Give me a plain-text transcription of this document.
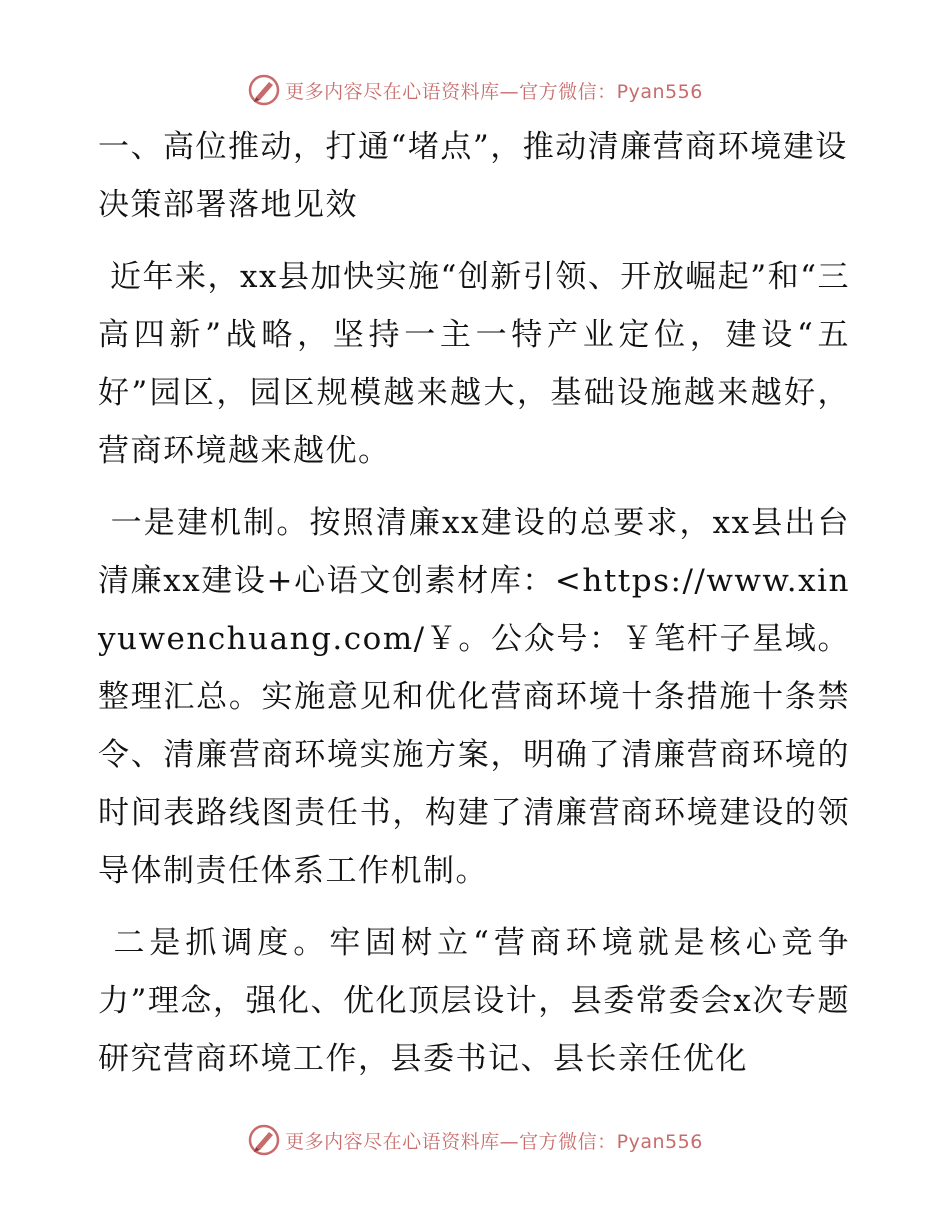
更多内容尽在心语资料库—官方微信：Pyan556

一、高位推动，打通“堵点”，推动清廉营商环境建设决策部署落地见效

近年来，xx县加快实施“创新引领、开放崛起”和“三高四新”战略，坚持一主一特产业定位，建设“五好”园区，园区规模越来越大，基础设施越来越好，营商环境越来越优。

一是建机制。按照清廉xx建设的总要求，xx县出台清廉xx建设+心语文创素材库：<https://www.xinyuwenchuang.com/￥。公众号：￥笔杆子星域。整理汇总。实施意见和优化营商环境十条措施十条禁令、清廉营商环境实施方案，明确了清廉营商环境的时间表路线图责任书，构建了清廉营商环境建设的领导体制责任体系工作机制。

二是抓调度。牢固树立“营商环境就是核心竞争力”理念，强化、优化顶层设计，县委常委会x次专题研究营商环境工作，县委书记、县长亲任优化

更多内容尽在心语资料库—官方微信：Pyan556
